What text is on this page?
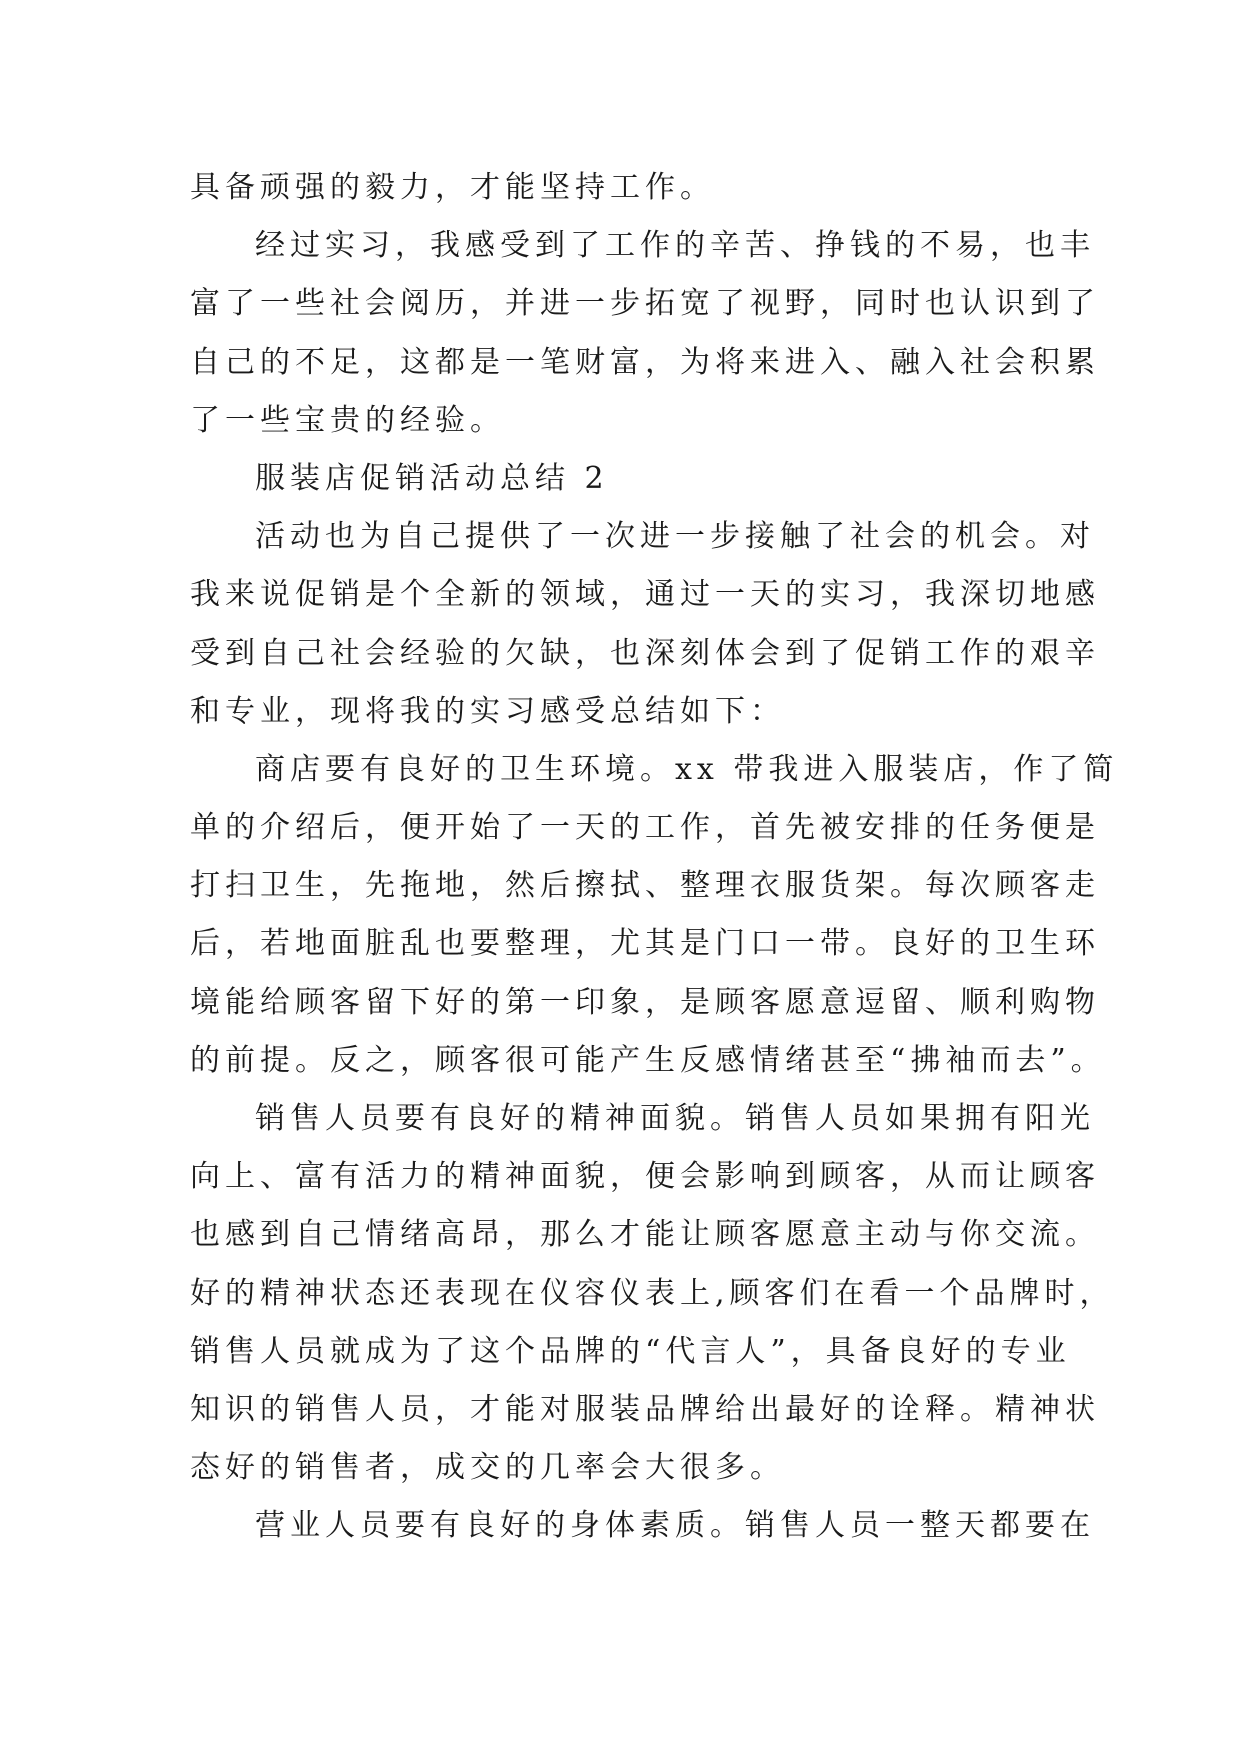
具备顽强的毅力，才能坚持工作。
经过实习，我感受到了工作的辛苦、挣钱的不易，也丰
富了一些社会阅历，并进一步拓宽了视野，同时也认识到了
自己的不足，这都是一笔财富，为将来进入、融入社会积累
了一些宝贵的经验。
服装店促销活动总结 2
活动也为自己提供了一次进一步接触了社会的机会。对
我来说促销是个全新的领域，通过一天的实习，我深切地感
受到自己社会经验的欠缺，也深刻体会到了促销工作的艰辛
和专业，现将我的实习感受总结如下：
商店要有良好的卫生环境。xx 带我进入服装店，作了简
单的介绍后，便开始了一天的工作，首先被安排的任务便是
打扫卫生，先拖地，然后擦拭、整理衣服货架。每次顾客走
后，若地面脏乱也要整理，尤其是门口一带。良好的卫生环
境能给顾客留下好的第一印象，是顾客愿意逗留、顺利购物
的前提。反之，顾客很可能产生反感情绪甚至“拂袖而去”。
销售人员要有良好的精神面貌。销售人员如果拥有阳光
向上、富有活力的精神面貌，便会影响到顾客，从而让顾客
也感到自己情绪高昂，那么才能让顾客愿意主动与你交流。
好的精神状态还表现在仪容仪表上,顾客们在看一个品牌时，
销售人员就成为了这个品牌的“代言人”，具备良好的专业
知识的销售人员，才能对服装品牌给出最好的诠释。精神状
态好的销售者，成交的几率会大很多。
营业人员要有良好的身体素质。销售人员一整天都要在
